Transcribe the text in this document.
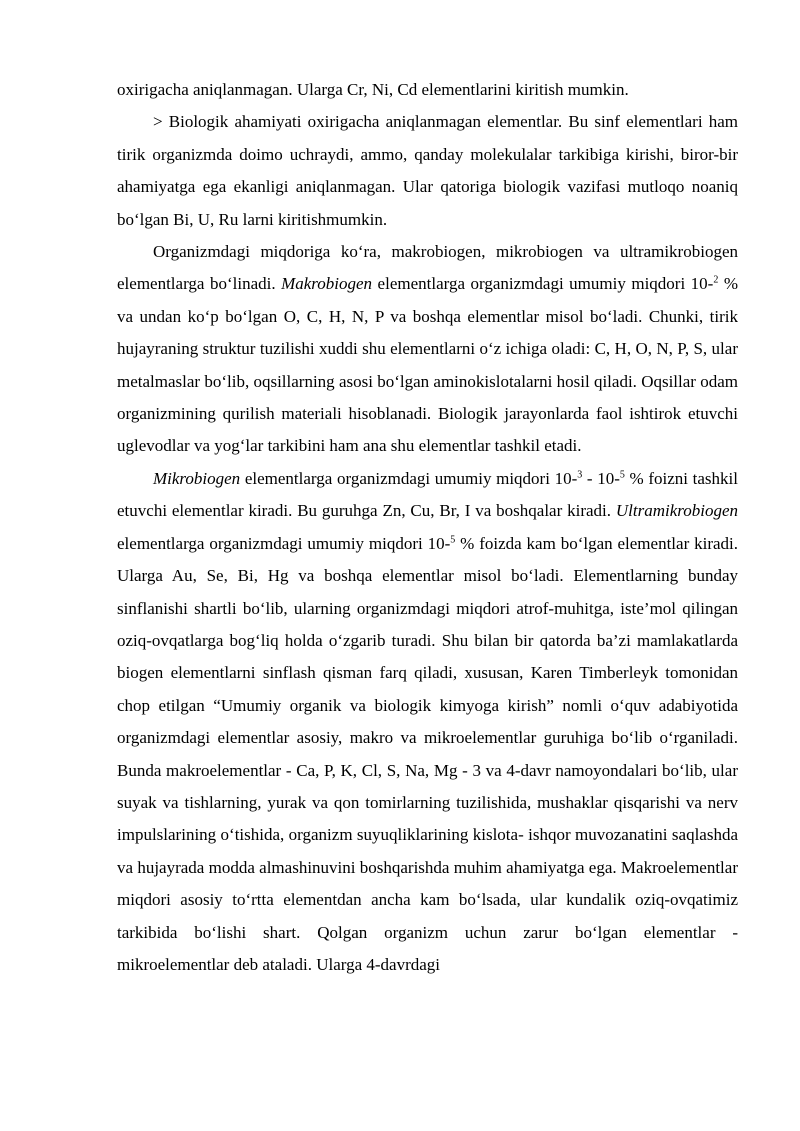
oxirigacha aniqlanmagan. Ularga Cr, Ni, Cd elementlarini kiritish mumkin.

> Biologik ahamiyati oxirigacha aniqlanmagan elementlar. Bu sinf elementlari ham tirik organizmda doimo uchraydi, ammo, qanday molekulalar tarkibiga kirishi, biror-bir ahamiyatga ega ekanligi aniqlanmagan. Ular qatoriga biologik vazifasi mutloqo noaniq bo‘lgan Bi, U, Ru larni kiritishmumkin.

Organizmdagi miqdoriga ko‘ra, makrobiogen, mikrobiogen va ultramikrobiogen elementlarga bo‘linadi. Makrobiogen elementlarga organizmdagi umumiy miqdori 10-$^2$ % va undan ko‘p bo‘lgan O, C, H, N, P va boshqa elementlar misol bo‘ladi. Chunki, tirik hujayraning struktur tuzilishi xuddi shu elementlarni o‘z ichiga oladi: C, H, O, N, P, S, ular metalmaslar bo‘lib, oqsillarning asosi bo‘lgan aminokislotalarni hosil qiladi. Oqsillar odam organizmining qurilish materiali hisoblanadi. Biologik jarayonlarda faol ishtirok etuvchi uglevodlar va yog‘lar tarkibini ham ana shu elementlar tashkil etadi.

Mikrobiogen elementlarga organizmdagi umumiy miqdori 10-$^3$ - 10-$^5$ % foizni tashkil etuvchi elementlar kiradi. Bu guruhga Zn, Cu, Br, I va boshqalar kiradi. Ultramikrobiogen elementlarga organizmdagi umumiy miqdori 10-$^5$ % foizda kam bo‘lgan elementlar kiradi. Ularga Au, Se, Bi, Hg va boshqa elementlar misol bo‘ladi. Elementlarning bunday sinflanishi shartli bo‘lib, ularning organizmdagi miqdori atrof-muhitga, iste’mol qilingan oziq-ovqatlarga bog‘liq holda o‘zgarib turadi. Shu bilan bir qatorda ba’zi mamlakatlarda biogen elementlarni sinflash qisman farq qiladi, xususan, Karen Timberleyk tomonidan chop etilgan “Umumiy organik va biologik kimyoga kirish” nomli o‘quv adabiyotida organizmdagi elementlar asosiy, makro va mikroelementlar guruhiga bo‘lib o‘rganiladi. Bunda makroelementlar - Ca, P, K, Cl, S, Na, Mg - 3 va 4-davr namoyondalari bo‘lib, ular suyak va tishlarning, yurak va qon tomirlarning tuzilishida, mushaklar qisqarishi va nerv impulslarining o‘tishida, organizm suyuqliklarining kislota- ishqor muvozanatini saqlashda va hujayrada modda almashinuvini boshqarishda muhim ahamiyatga ega. Makroelementlar miqdori asosiy to‘rtta elementdan ancha kam bo‘lsada, ular kundalik oziq-ovqatimiz tarkibida bo‘lishi shart. Qolgan organizm uchun zarur bo‘lgan elementlar - mikroelementlar deb ataladi. Ularga 4-davrdagi
